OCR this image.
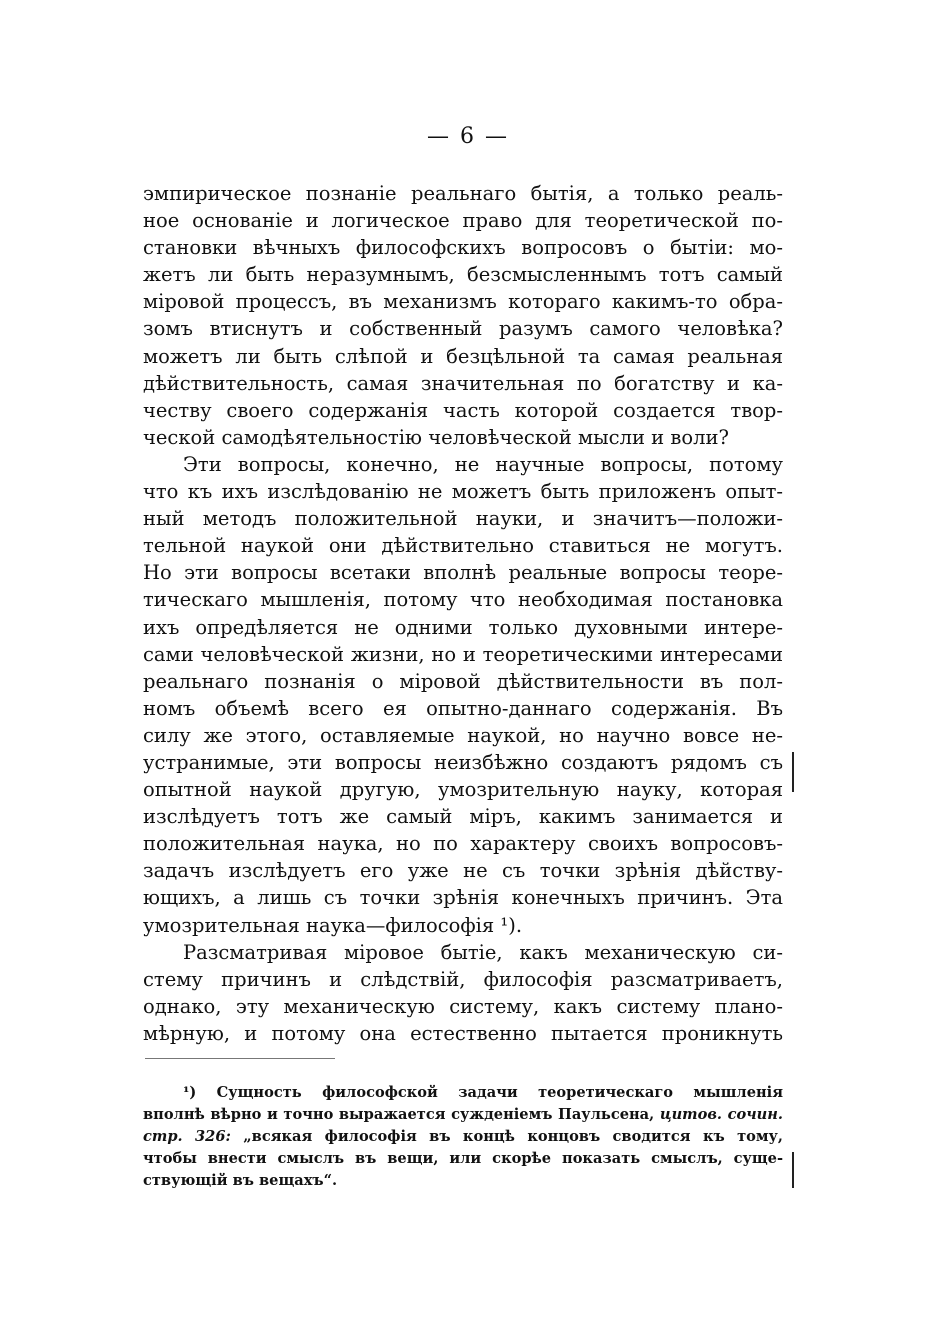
— 6 —
эмпирическое познанie реальнаго бытiя, а только реаль-
ное основанie и логическое право для теоретической по-
становки вѣчныхъ философскихъ вопросовъ о бытiи: мо-
жетъ ли быть неразумнымъ, безсмысленнымъ тотъ самый
мiровой процессъ, въ механизмъ котораго какимъ-то обра-
зомъ втиснутъ и собственный разумъ самого человѣка?
можетъ ли быть слѣпой и безцѣльной та самая реальная
дѣйствительность, самая значительная по богатству и ка-
честву своего содержанiя часть которой создается твор-
ческой самодѣятельностiю человѣческой мысли и воли?
Эти вопросы, конечно, не научные вопросы, потому
что къ ихъ изслѣдованiю не можетъ быть приложенъ опыт-
ный методъ положительной науки, и значитъ—положи-
тельной наукой они дѣйствительно ставиться не могутъ.
Но эти вопросы всетаки вполнѣ реальные вопросы теоре-
тическаго мышленiя, потому что необходимая постановка
ихъ опредѣляется не одними только духовными интере-
сами человѣческой жизни, но и теоретическими интересами
реальнаго познанiя о мiровой дѣйствительности въ пол-
номъ объемѣ всего ея опытно-даннаго содержанiя. Въ
силу же этого, оставляемые наукой, но научно вовсе не-
устранимые, эти вопросы неизбѣжно создаютъ рядомъ съ
опытной наукой другую, умозрительную науку, которая
изслѣдуетъ тотъ же самый мiръ, какимъ занимается и
положительная наука, но по характеру своихъ вопросовъ-
задачъ изслѣдуетъ его уже не съ точки зрѣнiя дѣйству-
ющихъ, а лишь съ точки зрѣнiя конечныхъ причинъ. Эта
умозрительная наука—философiя ¹).
Разсматривая мiровое бытiе, какъ механическую си-
стему причинъ и слѣдствiй, философiя разсматриваетъ,
однако, эту механическую систему, какъ систему плано-
мѣрную, и потому она естественно пытается проникнуть
¹) Сущность философской задачи теоретическаго мышленiя
вполнѣ вѣрно и точно выражается сужденiемъ Паульсена, цитов. сочин.
стр. 326: „всякая философiя въ концѣ концовъ сводится къ тому,
чтобы внести смыслъ въ вещи, или скорѣе показать смыслъ, суще-
ствующiй въ вещахъ“.
